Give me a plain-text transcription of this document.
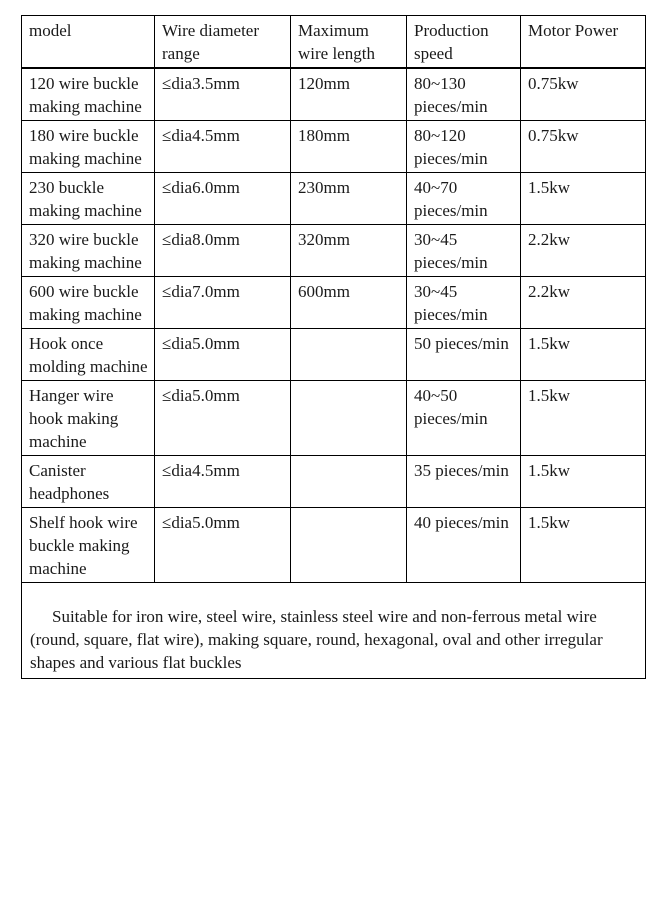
model	Wire diameter range	Maximum wire length	Production speed	Motor Power
120 wire buckle making machine	≤dia3.5mm	120mm	80~130 pieces/min	0.75kw
180 wire buckle making machine	≤dia4.5mm	180mm	80~120 pieces/min	0.75kw
230 buckle making machine	≤dia6.0mm	230mm	40~70 pieces/min	1.5kw
320 wire buckle making machine	≤dia8.0mm	320mm	30~45 pieces/min	2.2kw
600 wire buckle making machine	≤dia7.0mm	600mm	30~45 pieces/min	2.2kw
Hook once molding machine	≤dia5.0mm		50 pieces/min	1.5kw
Hanger wire hook making machine	≤dia5.0mm		40~50 pieces/min	1.5kw
Canister headphones	≤dia4.5mm		35 pieces/min	1.5kw
Shelf hook wire buckle making machine	≤dia5.0mm		40 pieces/min	1.5kw

Suitable for iron wire, steel wire, stainless steel wire and non-ferrous metal wire (round, square, flat wire), making square, round, hexagonal, oval and other irregular shapes and various flat buckles				
